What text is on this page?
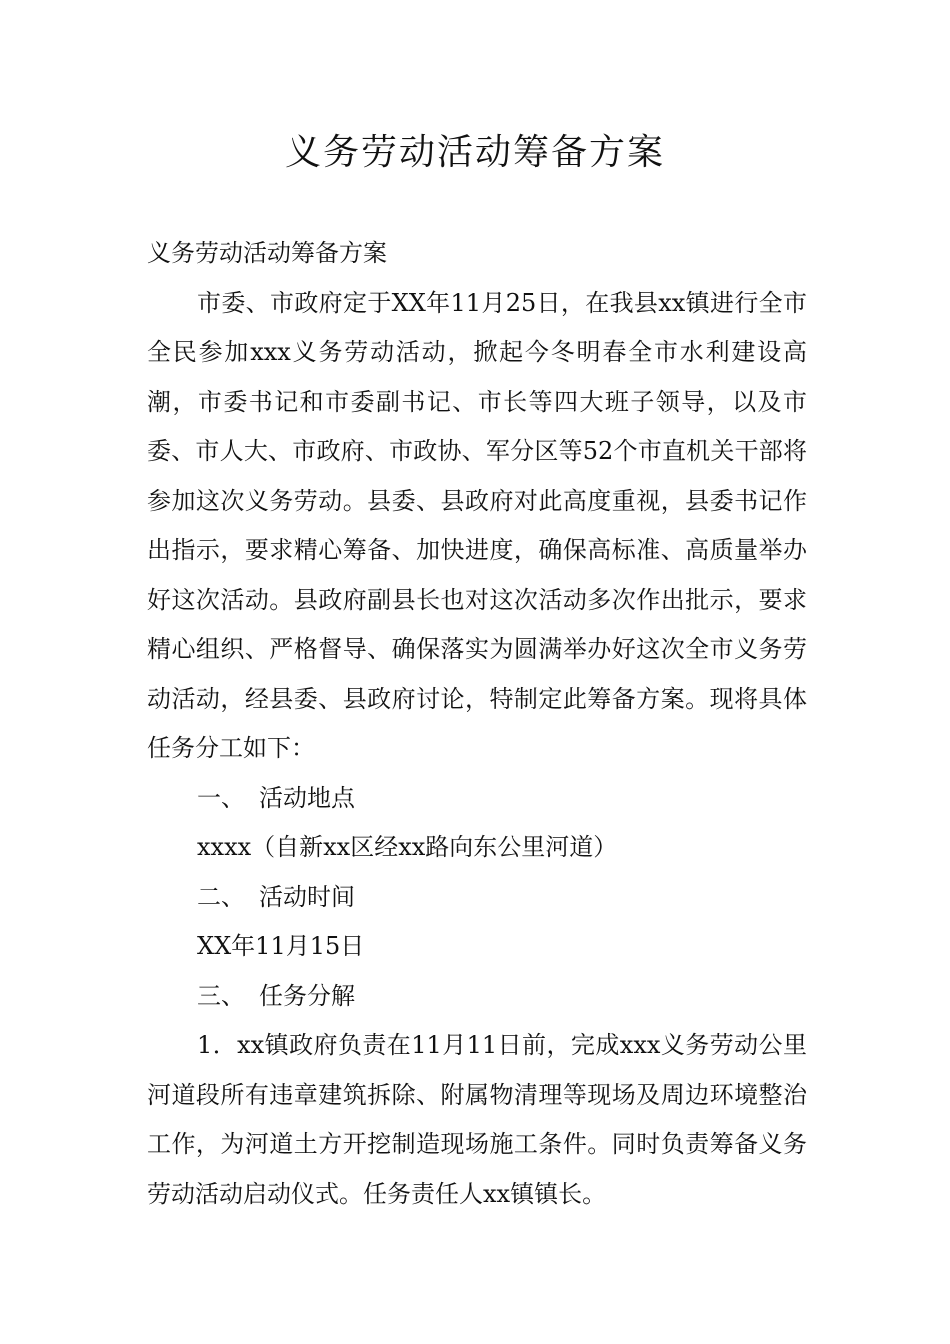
义务劳动活动筹备方案

义务劳动活动筹备方案

市委、市政府定于XX年11月25日，在我县xx镇进行全市全民参加xxx义务劳动活动，掀起今冬明春全市水利建设高潮，市委书记和市委副书记、市长等四大班子领导，以及市委、市人大、市政府、市政协、军分区等52个市直机关干部将参加这次义务劳动。县委、县政府对此高度重视，县委书记作出指示，要求精心筹备、加快进度，确保高标准、高质量举办好这次活动。县政府副县长也对这次活动多次作出批示，要求精心组织、严格督导、确保落实为圆满举办好这次全市义务劳动活动，经县委、县政府讨论，特制定此筹备方案。现将具体任务分工如下：

一、 活动地点

xxxx（自新xx区经xx路向东公里河道）

二、 活动时间

XX年11月15日

三、 任务分解

1．xx镇政府负责在11月11日前，完成xxx义务劳动公里河道段所有违章建筑拆除、附属物清理等现场及周边环境整治工作，为河道土方开挖制造现场施工条件。同时负责筹备义务劳动活动启动仪式。任务责任人xx镇镇长。
